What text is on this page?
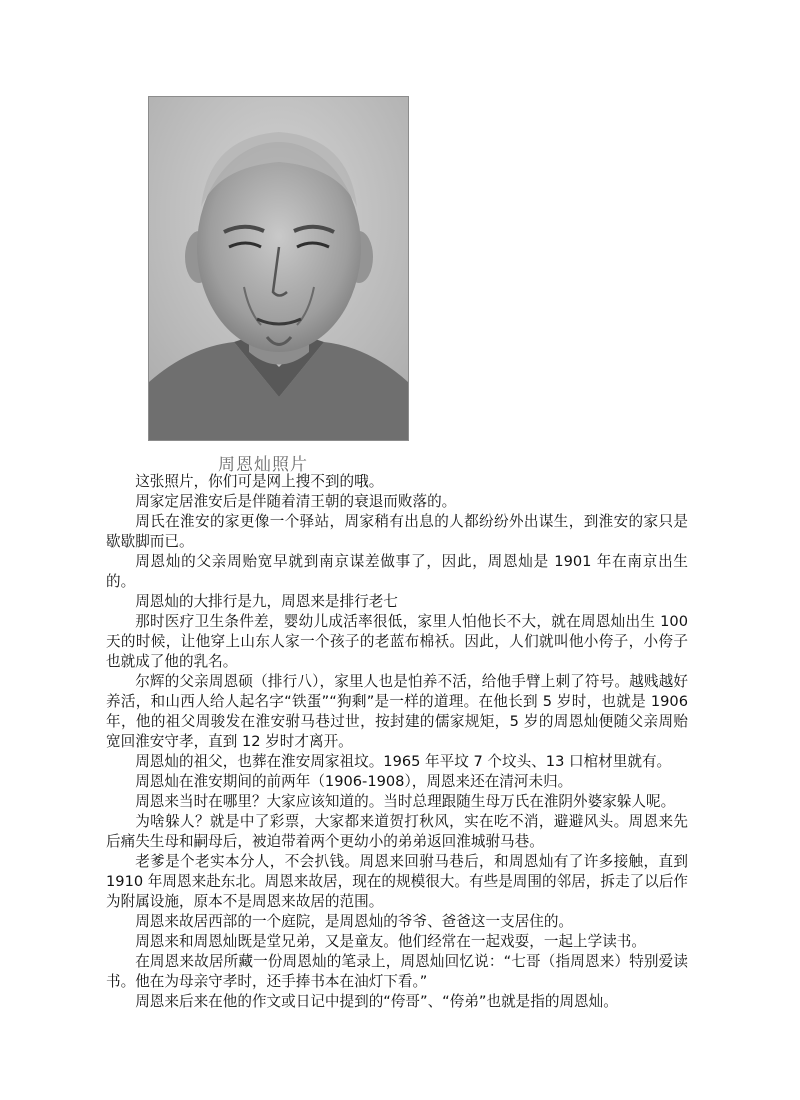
周恩灿照片

这张照片，你们可是网上搜不到的哦。

周家定居淮安后是伴随着清王朝的衰退而败落的。

周氏在淮安的家更像一个驿站，周家稍有出息的人都纷纷外出谋生，到淮安的家只是歇歇脚而已。

周恩灿的父亲周贻宽早就到南京谋差做事了，因此，周恩灿是 1901 年在南京出生的。

周恩灿的大排行是九，周恩来是排行老七

那时医疗卫生条件差，婴幼儿成活率很低，家里人怕他长不大，就在周恩灿出生 100 天的时候，让他穿上山东人家一个孩子的老蓝布棉袄。因此，人们就叫他小侉子，小侉子也就成了他的乳名。

尔辉的父亲周恩硕（排行八），家里人也是怕养不活，给他手臂上刺了符号。越贱越好养活，和山西人给人起名字“铁蛋”“狗剩”是一样的道理。在他长到 5 岁时，也就是 1906 年，他的祖父周骏发在淮安驸马巷过世，按封建的儒家规矩，5 岁的周恩灿便随父亲周贻宽回淮安守孝，直到 12 岁时才离开。

周恩灿的祖父，也葬在淮安周家祖坟。1965 年平坟 7 个坟头、13 口棺材里就有。

周恩灿在淮安期间的前两年（1906-1908），周恩来还在清河未归。

周恩来当时在哪里？大家应该知道的。当时总理跟随生母万氏在淮阴外婆家躲人呢。

为啥躲人？就是中了彩票，大家都来道贺打秋风，实在吃不消，避避风头。周恩来先后痛失生母和嗣母后，被迫带着两个更幼小的弟弟返回淮城驸马巷。

老爹是个老实本分人，不会扒钱。周恩来回驸马巷后，和周恩灿有了许多接触，直到 1910 年周恩来赴东北。周恩来故居，现在的规模很大。有些是周围的邻居，拆走了以后作为附属设施，原本不是周恩来故居的范围。

周恩来故居西部的一个庭院，是周恩灿的爷爷、爸爸这一支居住的。

周恩来和周恩灿既是堂兄弟，又是童友。他们经常在一起戏耍，一起上学读书。

在周恩来故居所藏一份周恩灿的笔录上，周恩灿回忆说：“七哥（指周恩来）特别爱读书。他在为母亲守孝时，还手捧书本在油灯下看。”

周恩来后来在他的作文或日记中提到的“侉哥”、“侉弟”也就是指的周恩灿。
